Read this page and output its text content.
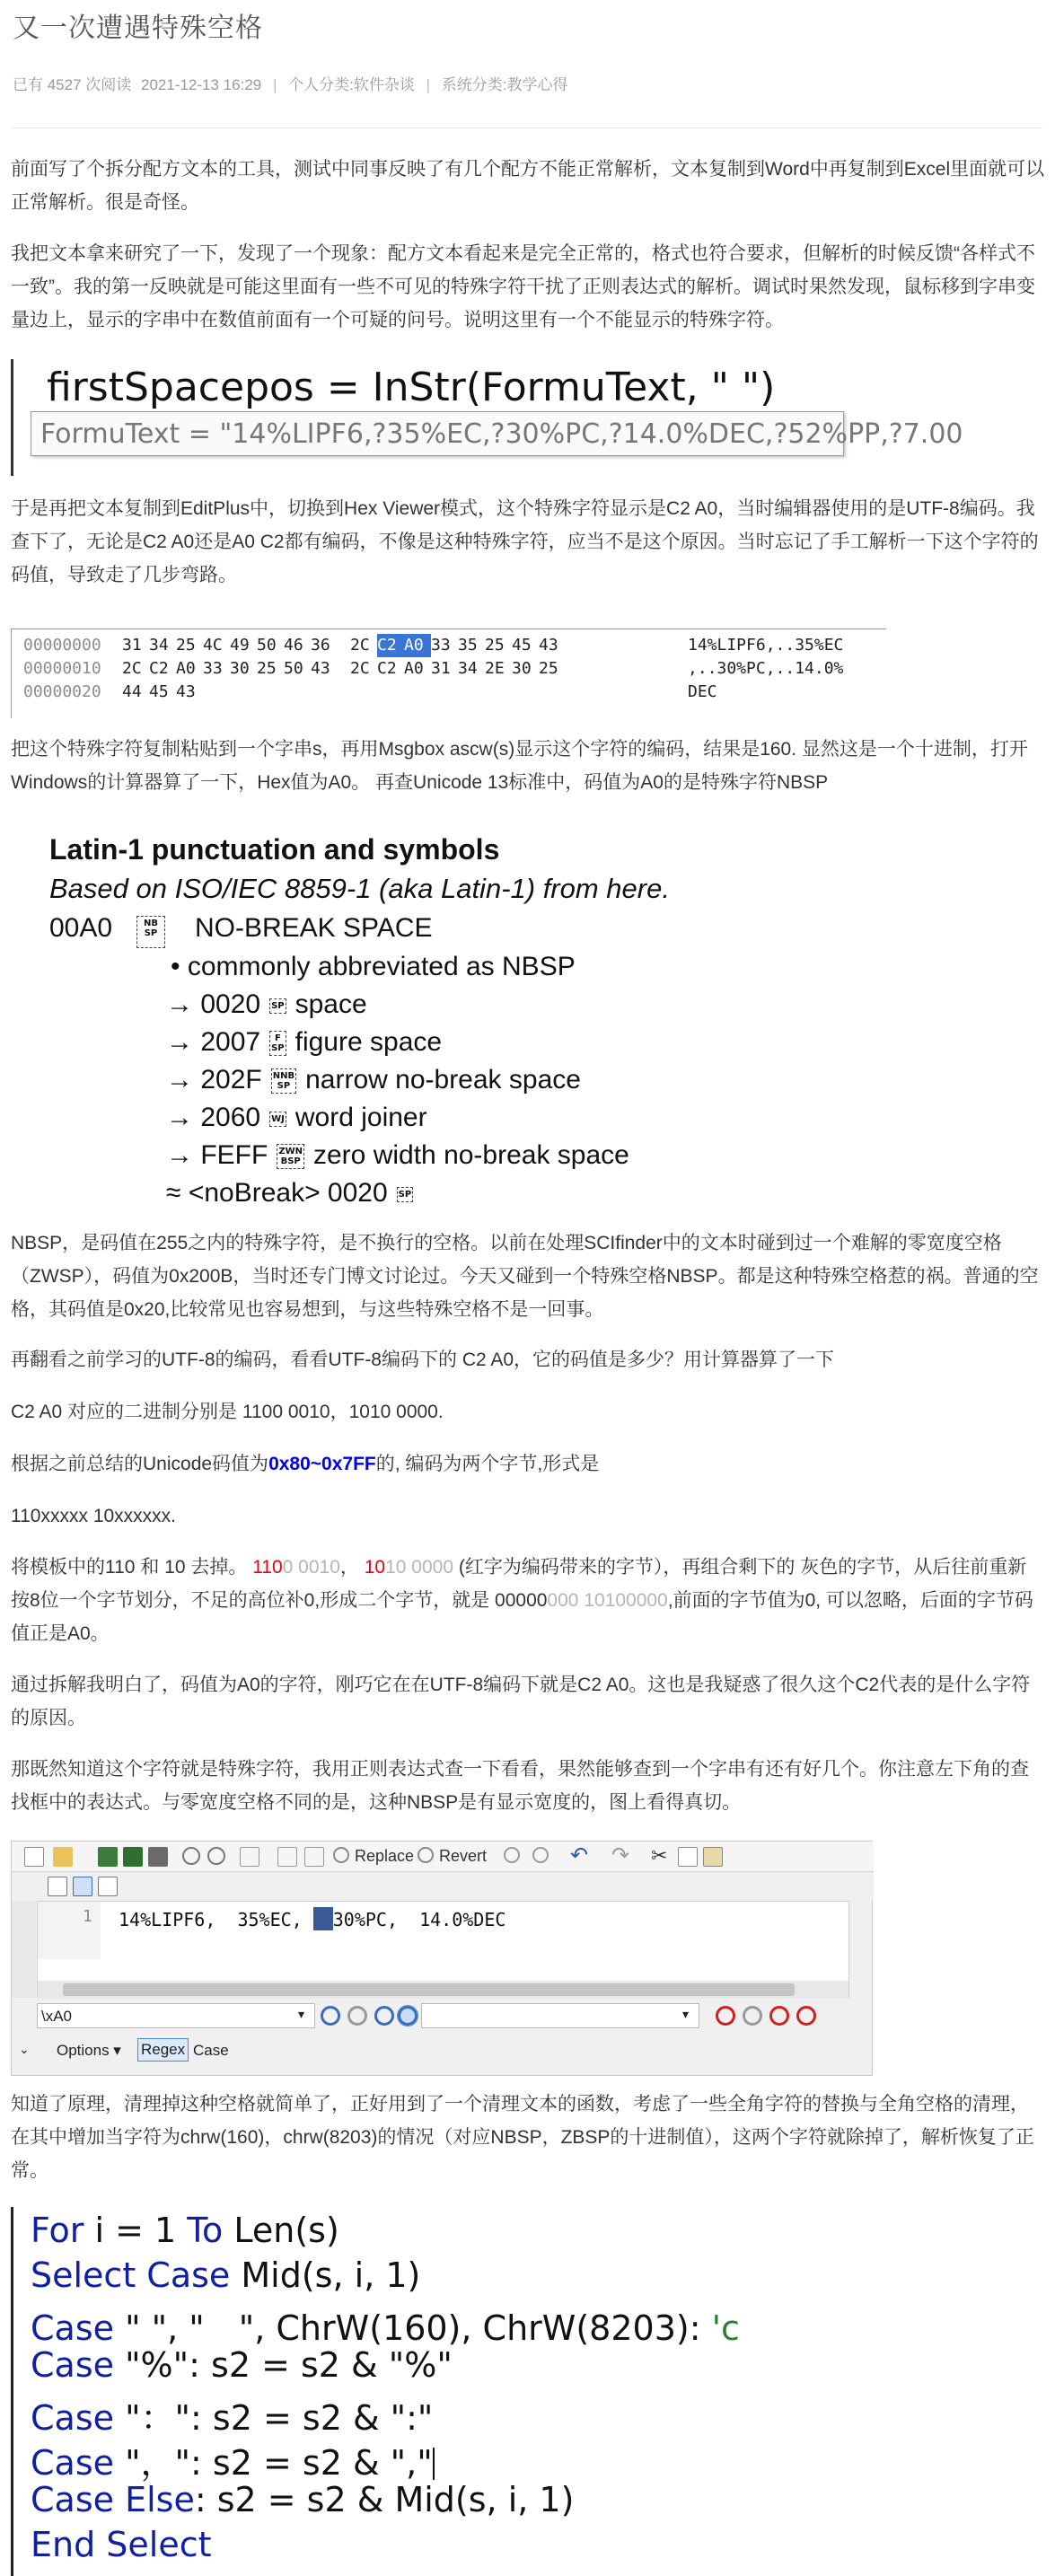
又一次遭遇特殊空格
已有 4527 次阅读 2021-12-13 16:29 | 个人分类:软件杂谈 | 系统分类:教学心得

前面写了个拆分配方文本的工具，测试中同事反映了有几个配方不能正常解析，文本复制到Word中再复制到Excel里面就可以正常解析。很是奇怪。

我把文本拿来研究了一下，发现了一个现象：配方文本看起来是完全正常的，格式也符合要求，但解析的时候反馈“各样式不一致”。我的第一反映就是可能这里面有一些不可见的特殊字符干扰了正则表达式的解析。调试时果然发现，鼠标移到字串变量边上，显示的字串中在数值前面有一个可疑的问号。说明这里有一个不能显示的特殊字符。

firstSpacepos = InStr(FormuText, " ")
FormuText = "14%LIPF6,?35%EC,?30%PC,?14.0%DEC,?52%PP,?7.00

于是再把文本复制到EditPlus中，切换到Hex Viewer模式，这个特殊字符显示是C2 A0，当时编辑器使用的是UTF-8编码。我查下了，无论是C2 A0还是A0 C2都有编码，不像是这种特殊字符，应当不是这个原因。当时忘记了手工解析一下这个字符的码值，导致走了几步弯路。

00000000 31 34 25 4C 49 50 46 36 2C C2 A0 33 35 25 45 43	14%LIPF6,..35%EC
00000010 2C C2 A0 33 30 25 50 43 2C C2 A0 31 34 2E 30 25	,..30%PC,..14.0%
00000020 44 45 43	DEC

把这个特殊字符复制粘贴到一个字串s，再用Msgbox ascw(s)显示这个字符的编码，结果是160. 显然这是一个十进制，打开Windows的计算器算了一下，Hex值为A0。 再查Unicode 13标准中，码值为A0的是特殊字符NBSP

Latin-1 punctuation and symbols
Based on ISO/IEC 8859-1 (aka Latin-1) from here.
00A0	NB
SP NO-BREAK SPACE
• commonly abbreviated as NBSP
→ 0020 SP space
→ 2007 F
SP figure space
→ 202F NNB
SP narrow no-break space
→ 2060 WJ word joiner
→ FEFF ZWN
BSP zero width no-break space
≈ <noBreak> 0020 SP

NBSP，是码值在255之内的特殊字符，是不换行的空格。以前在处理SCIfinder中的文本时碰到过一个难解的零宽度空格（ZWSP），码值为0x200B，当时还专门博文讨论过。今天又碰到一个特殊空格NBSP。都是这种特殊空格惹的祸。普通的空格，其码值是0x20,比较常见也容易想到，与这些特殊空格不是一回事。

再翻看之前学习的UTF-8的编码，看看UTF-8编码下的 C2 A0，它的码值是多少？用计算器算了一下

C2 A0 对应的二进制分别是 1100 0010，1010 0000.

根据之前总结的Unicode码值为0x80~0x7FF的, 编码为两个字节,形式是

110xxxxx 10xxxxxx.

将模板中的110 和 10 去掉。 1100 0010， 1010 0000 (红字为编码带来的字节），再组合剩下的 灰色的字节，从后往前重新按8位一个字节划分，不足的高位补0,形成二个字节，就是 00000000 10100000,前面的字节值为0, 可以忽略，后面的字节码值正是A0。

通过拆解我明白了，码值为A0的字符，刚巧它在在UTF-8编码下就是C2 A0。这也是我疑惑了很久这个C2代表的是什么字符的原因。

那既然知道这个字符就是特殊字符，我用正则表达式查一下看看，果然能够查到一个字串有还有好几个。你注意左下角的查找框中的表达式。与零宽度空格不同的是，这种NBSP是有显示宽度的，图上看得真切。

Replace Revert	↶ ↷ ✂
1 14%LIPF6,  35%EC, 30%PC,  14.0%DEC
\xA0	▾	▾
⌄ Options ▾ Regex Case

知道了原理，清理掉这种空格就简单了，正好用到了一个清理文本的函数，考虑了一些全角字符的替换与全角空格的清理，在其中增加当字符为chrw(160)，chrw(8203)的情况（对应NBSP，ZBSP的十进制值），这两个字符就除掉了，解析恢复了正常。

For i = 1 To Len(s)
Select Case Mid(s, i, 1)
Case " ", "　", ChrW(160), ChrW(8203): 'c
Case "%": s2 = s2 & "%"
Case "：": s2 = s2 & ":"
Case "，": s2 = s2 & ","
Case Else: s2 = s2 & Mid(s, i, 1)
End Select
